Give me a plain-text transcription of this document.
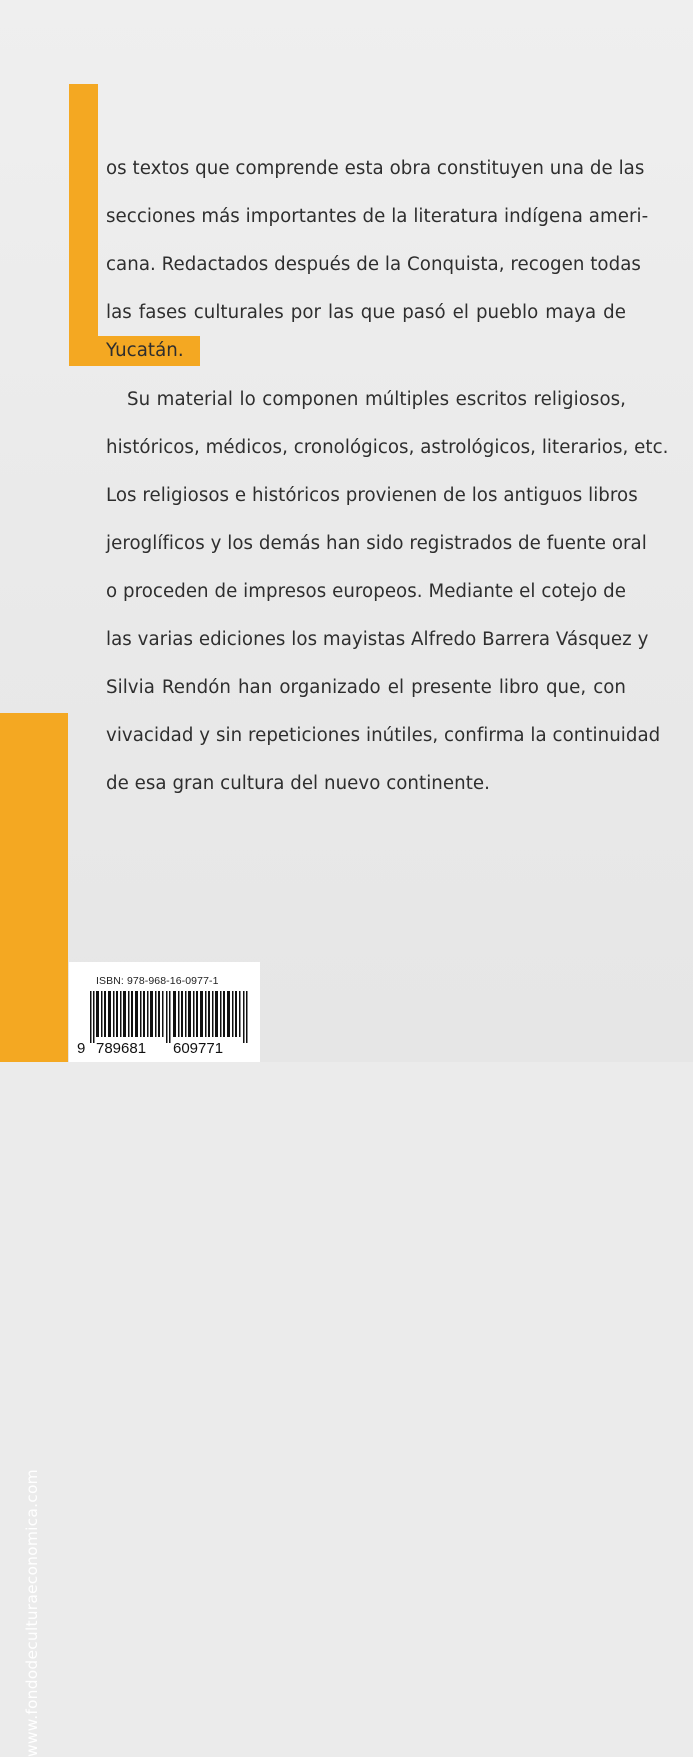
os textos que comprende esta obra constituyen una de las
secciones más importantes de la literatura indígena ameri-
cana. Redactados después de la Conquista, recogen todas
las fases culturales por las que pasó el pueblo maya de
Yucatán.
Su material lo componen múltiples escritos religiosos,
históricos, médicos, cronológicos, astrológicos, literarios, etc.
Los religiosos e históricos provienen de los antiguos libros
jeroglíficos y los demás han sido registrados de fuente oral
o proceden de impresos europeos. Mediante el cotejo de
las varias ediciones los mayistas Alfredo Barrera Vásquez y
Silvia Rendón han organizado el presente libro que, con
vivacidad y sin repeticiones inútiles, confirma la continuidad
de esa gran cultura del nuevo continente.
www.fondodeculturaeconomica.com
ISBN: 978-968-16-0977-1
9 789681 609771
